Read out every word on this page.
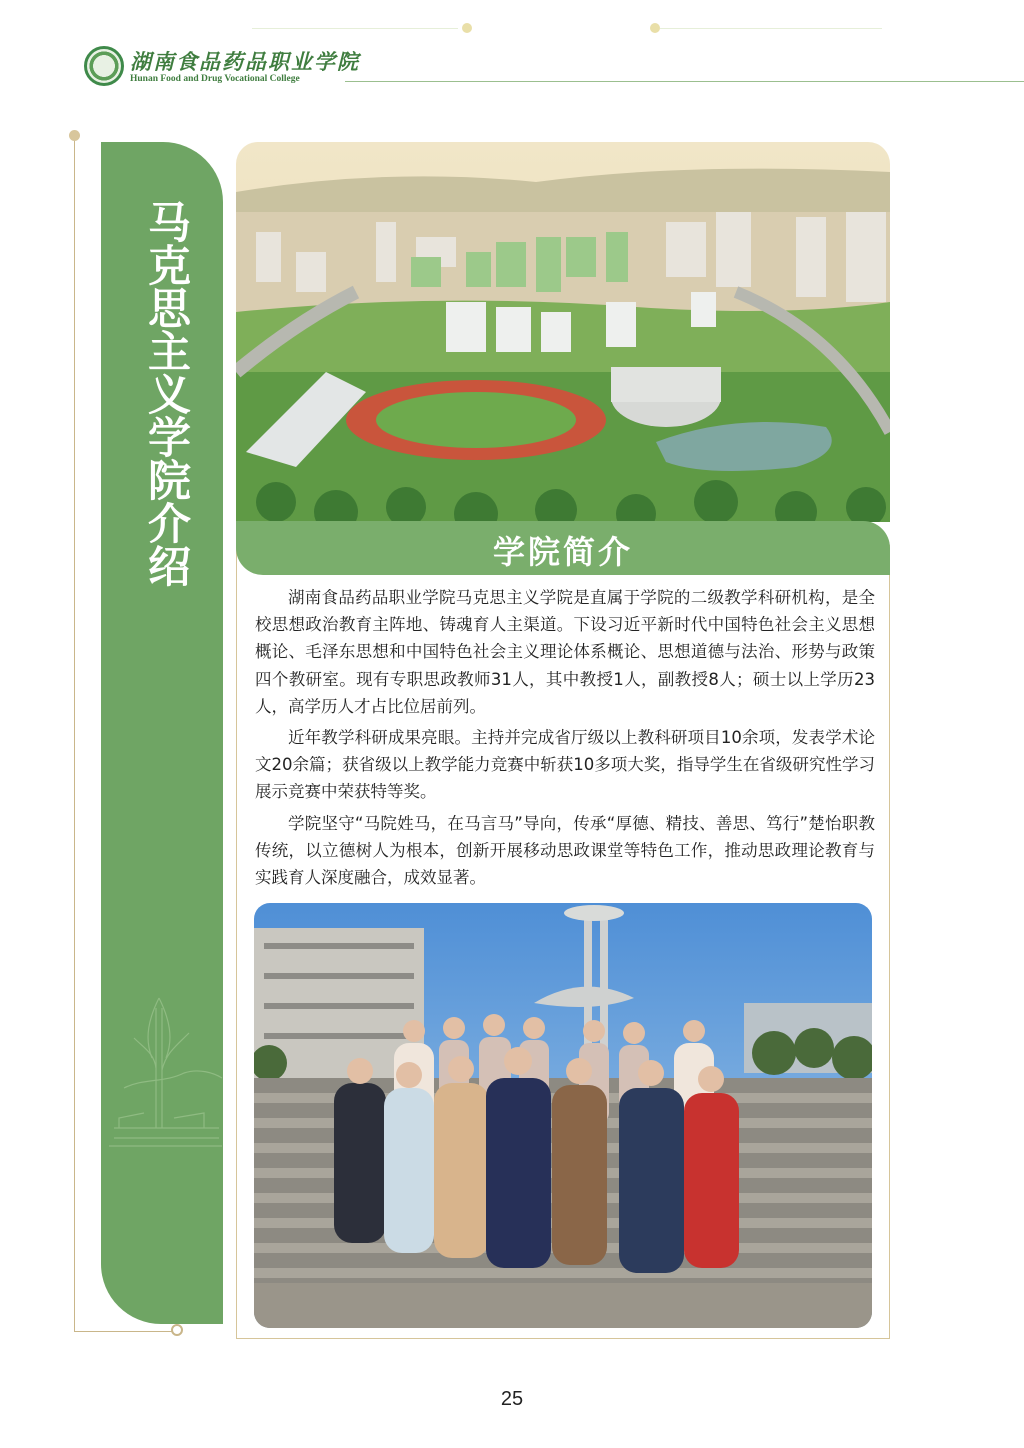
湖南食品药品职业学院
Hunan Food and Drug Vocational College
马克思主义学院介绍	学院简介

湖南食品药品职业学院马克思主义学院是直属于学院的二级教学科研机构，是全校思想政治教育主阵地、铸魂育人主渠道。下设习近平新时代中国特色社会主义思想概论、毛泽东思想和中国特色社会主义理论体系概论、思想道德与法治、形势与政策四个教研室。现有专职思政教师31人，其中教授1人，副教授8人；硕士以上学历23人，高学历人才占比位居前列。

近年教学科研成果亮眼。主持并完成省厅级以上教科研项目10余项，发表学术论文20余篇；获省级以上教学能力竞赛中斩获10多项大奖，指导学生在省级研究性学习展示竞赛中荣获特等奖。

学院坚守“马院姓马，在马言马”导向，传承“厚德、精技、善思、笃行”楚怡职教传统，以立德树人为根本，创新开展移动思政课堂等特色工作，推动思政理论教育与实践育人深度融合，成效显著。

25
